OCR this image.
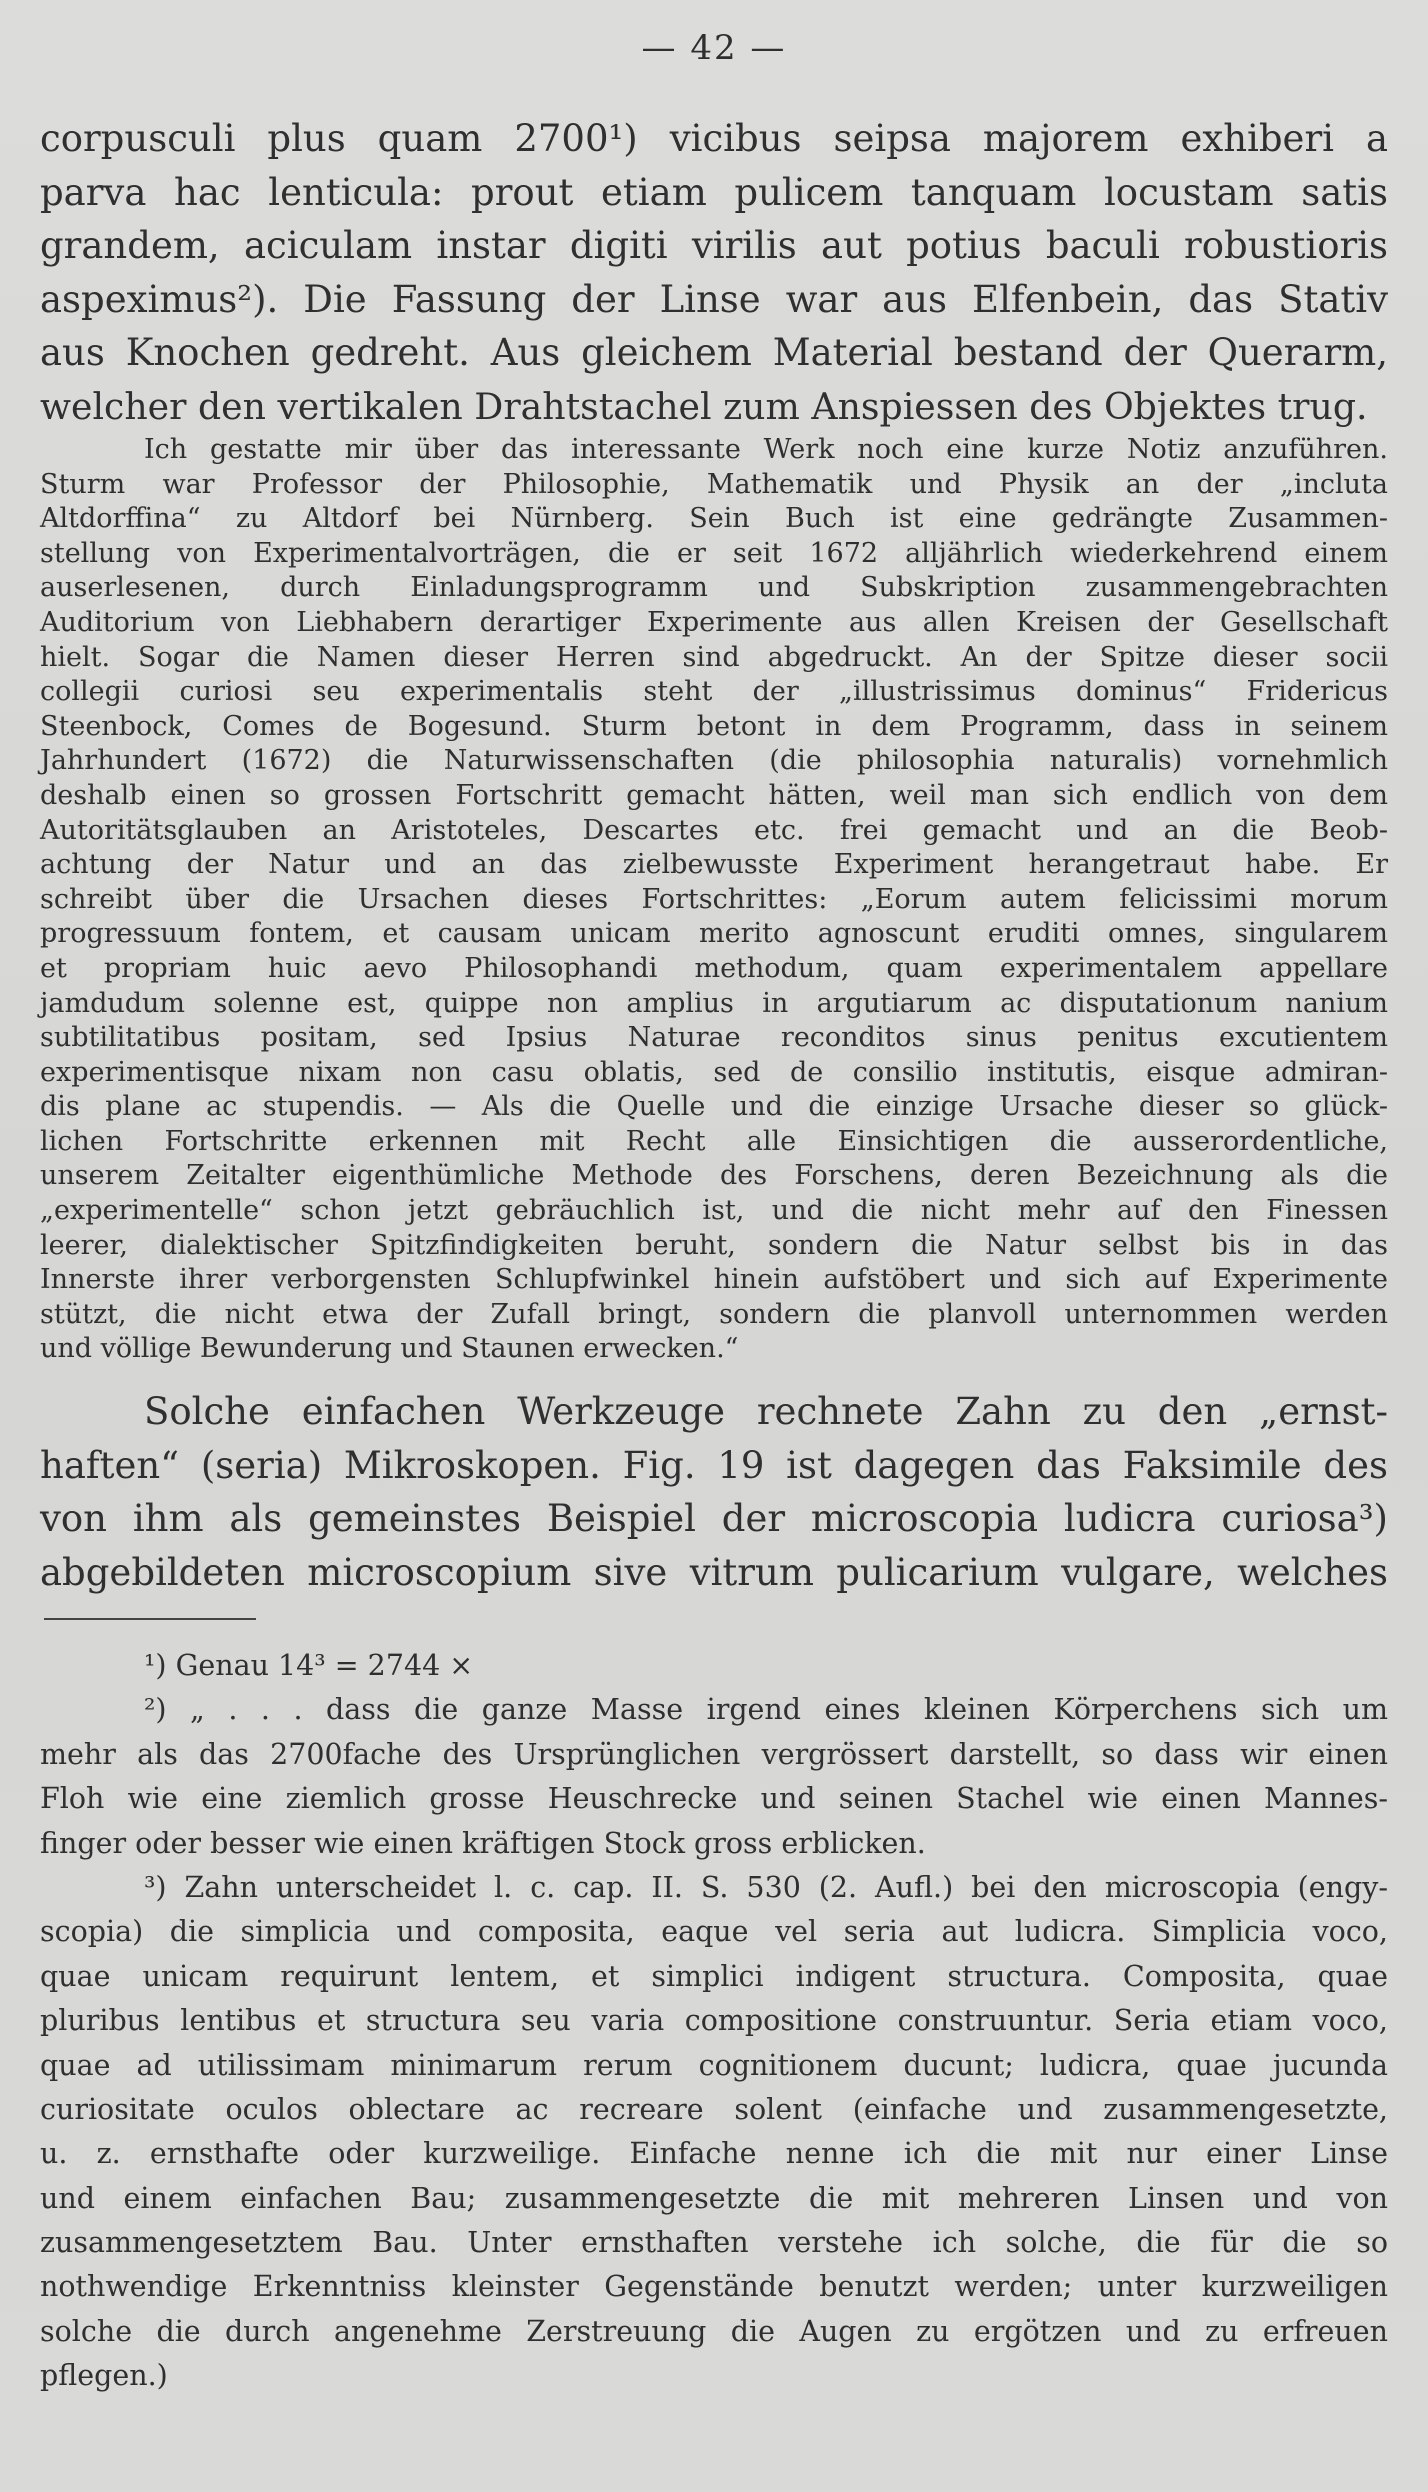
— 42 —
corpusculi plus quam 2700¹) vicibus seipsa majorem exhiberi a
parva hac lenticula: prout etiam pulicem tanquam locustam satis
grandem, aciculam instar digiti virilis aut potius baculi robustioris
aspeximus²). Die Fassung der Linse war aus Elfenbein, das Stativ
aus Knochen gedreht. Aus gleichem Material bestand der Querarm,
welcher den vertikalen Drahtstachel zum Anspiessen des Objektes trug.
Ich gestatte mir über das interessante Werk noch eine kurze Notiz anzuführen.
Sturm war Professor der Philosophie, Mathematik und Physik an der „incluta
Altdorffina“ zu Altdorf bei Nürnberg. Sein Buch ist eine gedrängte Zusammen-
stellung von Experimentalvorträgen, die er seit 1672 alljährlich wiederkehrend einem
auserlesenen, durch Einladungsprogramm und Subskription zusammengebrachten
Auditorium von Liebhabern derartiger Experimente aus allen Kreisen der Gesellschaft
hielt. Sogar die Namen dieser Herren sind abgedruckt. An der Spitze dieser socii
collegii curiosi seu experimentalis steht der „illustrissimus dominus“ Fridericus
Steenbock, Comes de Bogesund. Sturm betont in dem Programm, dass in seinem
Jahrhundert (1672) die Naturwissenschaften (die philosophia naturalis) vornehmlich
deshalb einen so grossen Fortschritt gemacht hätten, weil man sich endlich von dem
Autoritätsglauben an Aristoteles, Descartes etc. frei gemacht und an die Beob-
achtung der Natur und an das zielbewusste Experiment herangetraut habe. Er
schreibt über die Ursachen dieses Fortschrittes: „Eorum autem felicissimi morum
progressuum fontem, et causam unicam merito agnoscunt eruditi omnes, singularem
et propriam huic aevo Philosophandi methodum, quam experimentalem appellare
jamdudum solenne est, quippe non amplius in argutiarum ac disputationum nanium
subtilitatibus positam, sed Ipsius Naturae reconditos sinus penitus excutientem
experimentisque nixam non casu oblatis, sed de consilio institutis, eisque admiran-
dis plane ac stupendis. — Als die Quelle und die einzige Ursache dieser so glück-
lichen Fortschritte erkennen mit Recht alle Einsichtigen die ausserordentliche,
unserem Zeitalter eigenthümliche Methode des Forschens, deren Bezeichnung als die
„experimentelle“ schon jetzt gebräuchlich ist, und die nicht mehr auf den Finessen
leerer, dialektischer Spitzfindigkeiten beruht, sondern die Natur selbst bis in das
Innerste ihrer verborgensten Schlupfwinkel hinein aufstöbert und sich auf Experimente
stützt, die nicht etwa der Zufall bringt, sondern die planvoll unternommen werden
und völlige Bewunderung und Staunen erwecken.“
Solche einfachen Werkzeuge rechnete Zahn zu den „ernst-
haften“ (seria) Mikroskopen. Fig. 19 ist dagegen das Faksimile des
von ihm als gemeinstes Beispiel der microscopia ludicra curiosa³)
abgebildeten microscopium sive vitrum pulicarium vulgare, welches
¹) Genau 14³ = 2744 ×
²) „ . . . dass die ganze Masse irgend eines kleinen Körperchens sich um
mehr als das 2700fache des Ursprünglichen vergrössert darstellt, so dass wir einen
Floh wie eine ziemlich grosse Heuschrecke und seinen Stachel wie einen Mannes-
finger oder besser wie einen kräftigen Stock gross erblicken.
³) Zahn unterscheidet l. c. cap. II. S. 530 (2. Aufl.) bei den microscopia (engy-
scopia) die simplicia und composita, eaque vel seria aut ludicra. Simplicia voco,
quae unicam requirunt lentem, et simplici indigent structura. Composita, quae
pluribus lentibus et structura seu varia compositione construuntur. Seria etiam voco,
quae ad utilissimam minimarum rerum cognitionem ducunt; ludicra, quae jucunda
curiositate oculos oblectare ac recreare solent (einfache und zusammengesetzte,
u. z. ernsthafte oder kurzweilige. Einfache nenne ich die mit nur einer Linse
und einem einfachen Bau; zusammengesetzte die mit mehreren Linsen und von
zusammengesetztem Bau. Unter ernsthaften verstehe ich solche, die für die so
nothwendige Erkenntniss kleinster Gegenstände benutzt werden; unter kurzweiligen
solche die durch angenehme Zerstreuung die Augen zu ergötzen und zu erfreuen
pflegen.)
